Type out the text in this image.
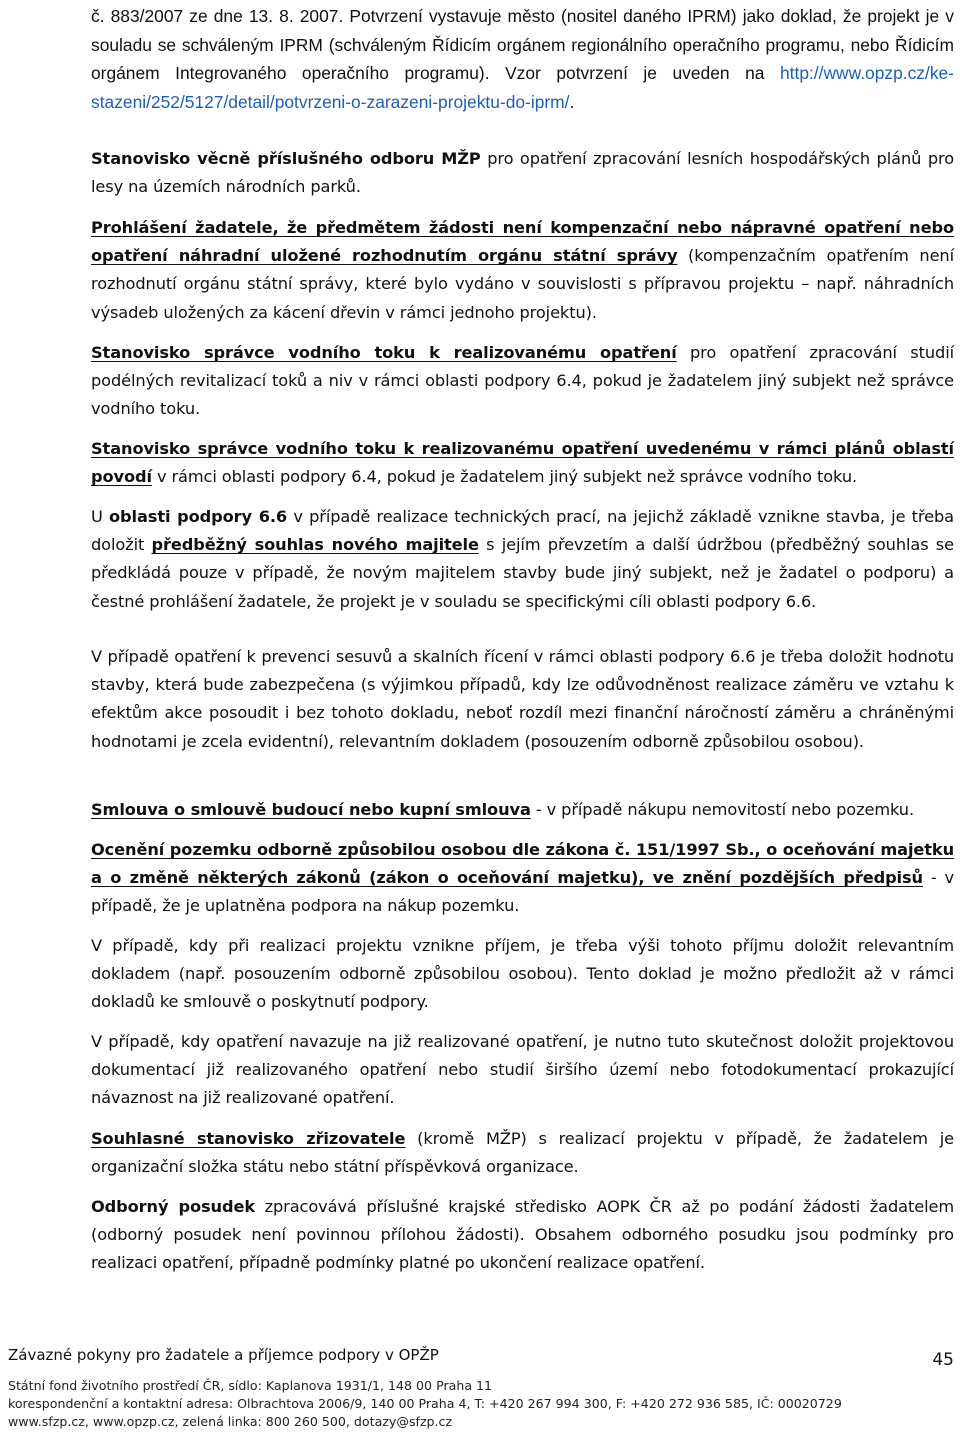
č. 883/2007 ze dne 13. 8. 2007. Potvrzení vystavuje město (nositel daného IPRM) jako doklad, že projekt je v souladu se schváleným IPRM (schváleným Řídicím orgánem regionálního operačního programu, nebo Řídicím orgánem Integrovaného operačního programu). Vzor potvrzení je uveden na http://www.opzp.cz/ke-stazeni/252/5127/detail/potvrzeni-o-zarazeni-projektu-do-iprm/.

Stanovisko věcně příslušného odboru MŽP pro opatření zpracování lesních hospodářských plánů pro lesy na územích národních parků.

Prohlášení žadatele, že předmětem žádosti není kompenzační nebo nápravné opatření nebo opatření náhradní uložené rozhodnutím orgánu státní správy (kompenzačním opatřením není rozhodnutí orgánu státní správy, které bylo vydáno v souvislosti s přípravou projektu – např. náhradních výsadeb uložených za kácení dřevin v rámci jednoho projektu).

Stanovisko správce vodního toku k realizovanému opatření pro opatření zpracování studií podélných revitalizací toků a niv v rámci oblasti podpory 6.4, pokud je žadatelem jiný subjekt než správce vodního toku.

Stanovisko správce vodního toku k realizovanému opatření uvedenému v rámci plánů oblastí povodí v rámci oblasti podpory 6.4, pokud je žadatelem jiný subjekt než správce vodního toku.

U oblasti podpory 6.6 v případě realizace technických prací, na jejichž základě vznikne stavba, je třeba doložit předběžný souhlas nového majitele s jejím převzetím a další údržbou (předběžný souhlas se předkládá pouze v případě, že novým majitelem stavby bude jiný subjekt, než je žadatel o podporu) a čestné prohlášení žadatele, že projekt je v souladu se specifickými cíli oblasti podpory 6.6.

V případě opatření k prevenci sesuvů a skalních řícení v rámci oblasti podpory 6.6 je třeba doložit hodnotu stavby, která bude zabezpečena (s výjimkou případů, kdy lze odůvodněnost realizace záměru ve vztahu k efektům akce posoudit i bez tohoto dokladu, neboť rozdíl mezi finanční náročností záměru a chráněnými hodnotami je zcela evidentní), relevantním dokladem (posouzením odborně způsobilou osobou).

Smlouva o smlouvě budoucí nebo kupní smlouva - v případě nákupu nemovitostí nebo pozemku.

Ocenění pozemku odborně způsobilou osobou dle zákona č. 151/1997 Sb., o oceňování majetku a o změně některých zákonů (zákon o oceňování majetku), ve znění pozdějších předpisů - v případě, že je uplatněna podpora na nákup pozemku.

V případě, kdy při realizaci projektu vznikne příjem, je třeba výši tohoto příjmu doložit relevantním dokladem (např. posouzením odborně způsobilou osobou). Tento doklad je možno předložit až v rámci dokladů ke smlouvě o poskytnutí podpory.

V případě, kdy opatření navazuje na již realizované opatření, je nutno tuto skutečnost doložit projektovou dokumentací již realizovaného opatření nebo studií širšího území nebo fotodokumentací prokazující návaznost na již realizované opatření.

Souhlasné stanovisko zřizovatele (kromě MŽP) s realizací projektu v případě, že žadatelem je organizační složka státu nebo státní příspěvková organizace.

Odborný posudek zpracovává příslušné krajské středisko AOPK ČR až po podání žádosti žadatelem (odborný posudek není povinnou přílohou žádosti). Obsahem odborného posudku jsou podmínky pro realizaci opatření, případně podmínky platné po ukončení realizace opatření.

Závazné pokyny pro žadatele a příjemce podpory v OPŽP	45
Státní fond životního prostředí ČR, sídlo: Kaplanova 1931/1, 148 00 Praha 11
korespondenční a kontaktní adresa: Olbrachtova 2006/9, 140 00 Praha 4, T: +420 267 994 300, F: +420 272 936 585, IČ: 00020729
www.sfzp.cz, www.opzp.cz, zelená linka: 800 260 500, dotazy@sfzp.cz
